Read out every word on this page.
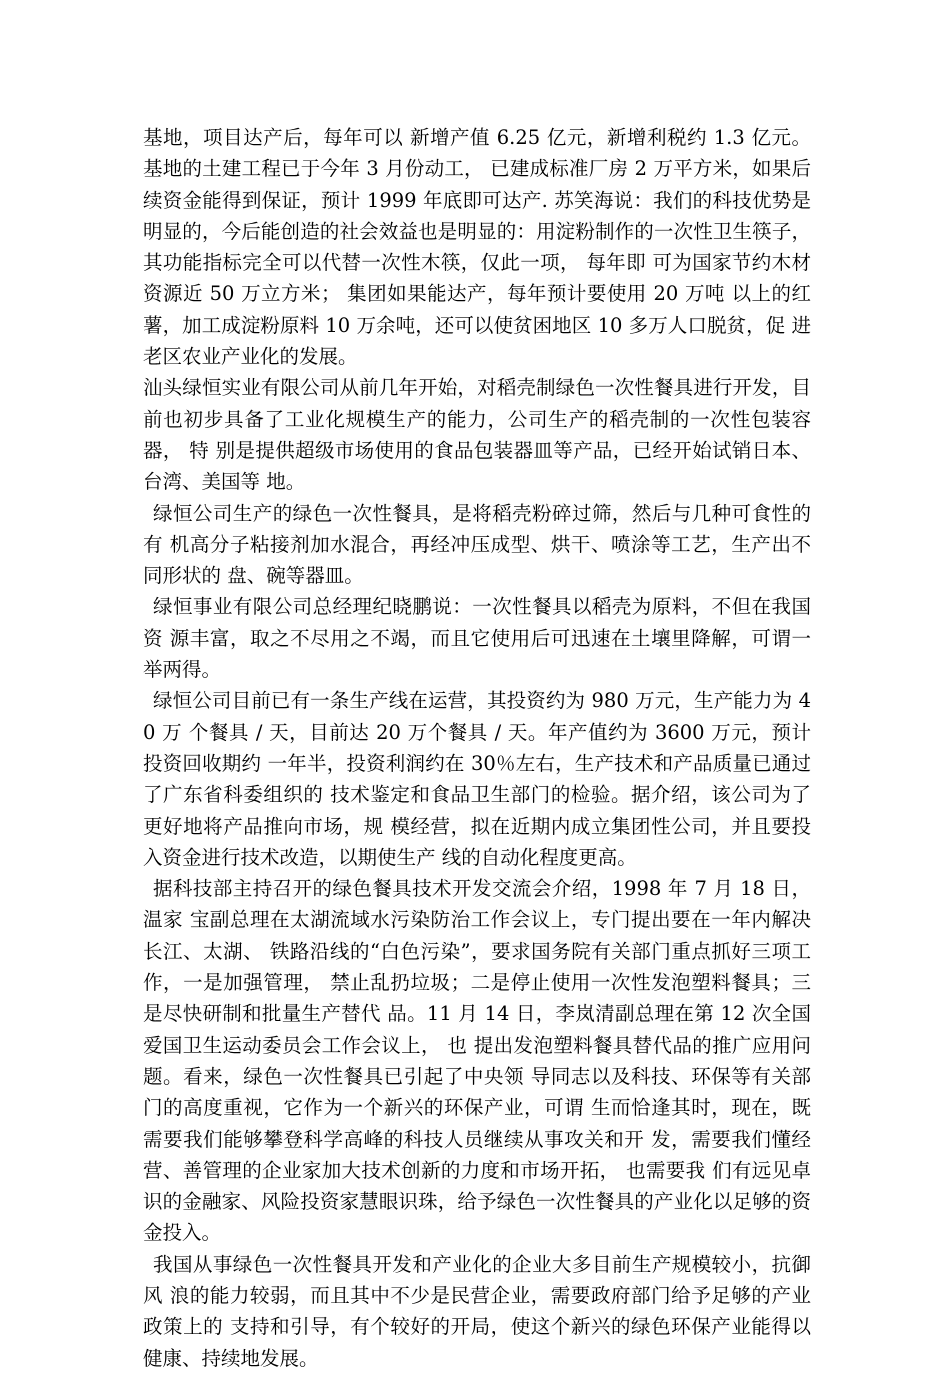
基地，项目达产后，每年可以 新增产值 6.25 亿元，新增利税约 1.3 亿元。基地的土建工程已于今年 3 月份动工， 已建成标准厂房 2 万平方米，如果后续资金能得到保证，预计 1999 年底即可达产. 苏笑海说：我们的科技优势是明显的，今后能创造的社会效益也是明显的：用淀粉制作的一次性卫生筷子，其功能指标完全可以代替一次性木筷，仅此一项， 每年即 可为国家节约木材资源近 50 万立方米； 集团如果能达产，每年预计要使用 20 万吨 以上的红薯，加工成淀粉原料 10 万余吨，还可以使贫困地区 10 多万人口脱贫，促 进老区农业产业化的发展。

汕头绿恒实业有限公司从前几年开始，对稻壳制绿色一次性餐具进行开发，目 前也初步具备了工业化规模生产的能力，公司生产的稻壳制的一次性包装容器， 特 别是提供超级市场使用的食品包装器皿等产品，已经开始试销日本、台湾、美国等 地。

绿恒公司生产的绿色一次性餐具，是将稻壳粉碎过筛，然后与几种可食性的有 机高分子粘接剂加水混合，再经冲压成型、烘干、喷涂等工艺，生产出不同形状的 盘、碗等器皿。

绿恒事业有限公司总经理纪晓鹏说：一次性餐具以稻壳为原料，不但在我国资 源丰富，取之不尽用之不竭，而且它使用后可迅速在土壤里降解，可谓一举两得。

绿恒公司目前已有一条生产线在运营，其投资约为 980 万元，生产能力为 40 万 个餐具 / 天，目前达 20 万个餐具 / 天。年产值约为 3600 万元，预计投资回收期约 一年半，投资利润约在 30％左右，生产技术和产品质量已通过了广东省科委组织的 技术鉴定和食品卫生部门的检验。据介绍，该公司为了更好地将产品推向市场，规 模经营，拟在近期内成立集团性公司，并且要投入资金进行技术改造，以期使生产 线的自动化程度更高。

据科技部主持召开的绿色餐具技术开发交流会介绍，1998 年 7 月 18 日，温家 宝副总理在太湖流域水污染防治工作会议上，专门提出要在一年内解决长江、太湖、 铁路沿线的“白色污染”，要求国务院有关部门重点抓好三项工作，一是加强管理， 禁止乱扔垃圾；二是停止使用一次性发泡塑料餐具；三是尽快研制和批量生产替代 品。11 月 14 日，李岚清副总理在第 12 次全国爱国卫生运动委员会工作会议上， 也 提出发泡塑料餐具替代品的推广应用问题。看来，绿色一次性餐具已引起了中央领 导同志以及科技、环保等有关部门的高度重视，它作为一个新兴的环保产业，可谓 生而恰逢其时，现在，既需要我们能够攀登科学高峰的科技人员继续从事攻关和开 发，需要我们懂经营、善管理的企业家加大技术创新的力度和市场开拓， 也需要我 们有远见卓识的金融家、风险投资家慧眼识珠，给予绿色一次性餐具的产业化以足够的资金投入。

我国从事绿色一次性餐具开发和产业化的企业大多目前生产规模较小，抗御风 浪的能力较弱，而且其中不少是民营企业，需要政府部门给予足够的产业政策上的 支持和引导，有个较好的开局，使这个新兴的绿色环保产业能得以健康、持续地发展。
